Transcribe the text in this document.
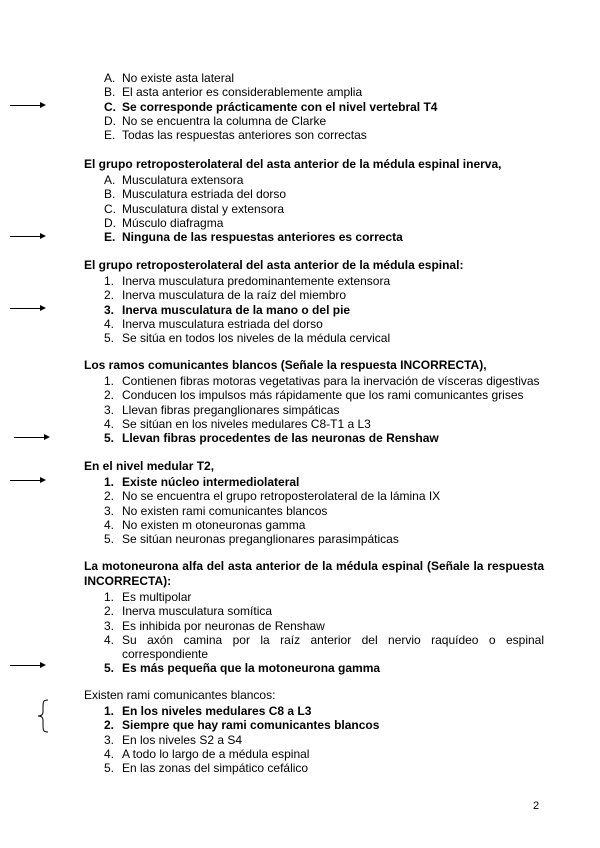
A. No existe asta lateral
B. El asta anterior es considerablemente amplia
C. Se corresponde prácticamente con el nivel vertebral T4
D. No se encuentra la columna de Clarke
E. Todas las respuestas anteriores son correctas
El grupo retroposterolateral del asta anterior de la médula espinal inerva,
A. Musculatura extensora
B. Musculatura estriada del dorso
C. Musculatura distal y extensora
D. Músculo diafragma
E. Ninguna de las respuestas anteriores es correcta
El grupo retroposterolateral del asta anterior de la médula espinal:
1. Inerva musculatura predominantemente extensora
2. Inerva musculatura de la raíz del miembro
3. Inerva musculatura de la mano o del pie
4. Inerva musculatura estriada del dorso
5. Se sitúa en todos los niveles de la médula cervical
Los ramos comunicantes blancos (Señale la respuesta INCORRECTA),
1. Contienen fibras motoras vegetativas para la inervación de vísceras digestivas
2. Conducen los impulsos más rápidamente que los rami comunicantes grises
3. Llevan fibras preganglionares simpáticas
4. Se sitúan en los niveles medulares C8-T1 a L3
5. Llevan fibras procedentes de las neuronas de Renshaw
En el nivel medular T2,
1. Existe núcleo intermediolateral
2. No se encuentra el grupo retroposterolateral de la lámina IX
3. No existen rami comunicantes blancos
4. No existen m otoneuronas gamma
5. Se sitúan neuronas preganglionares parasimpáticas
La motoneurona alfa del asta anterior de la médula espinal (Señale la respuesta INCORRECTA):
1. Es multipolar
2. Inerva musculatura somítica
3. Es inhibida por neuronas de Renshaw
4. Su axón camina por la raíz anterior del nervio raquídeo o espinal correspondiente
5. Es más pequeña que la motoneurona gamma
Existen rami comunicantes blancos:
1. En los niveles medulares C8 a L3
2. Siempre que hay rami comunicantes blancos
3. En los niveles S2 a S4
4. A todo lo largo de a médula espinal
5. En las zonas del simpático cefálico
2
